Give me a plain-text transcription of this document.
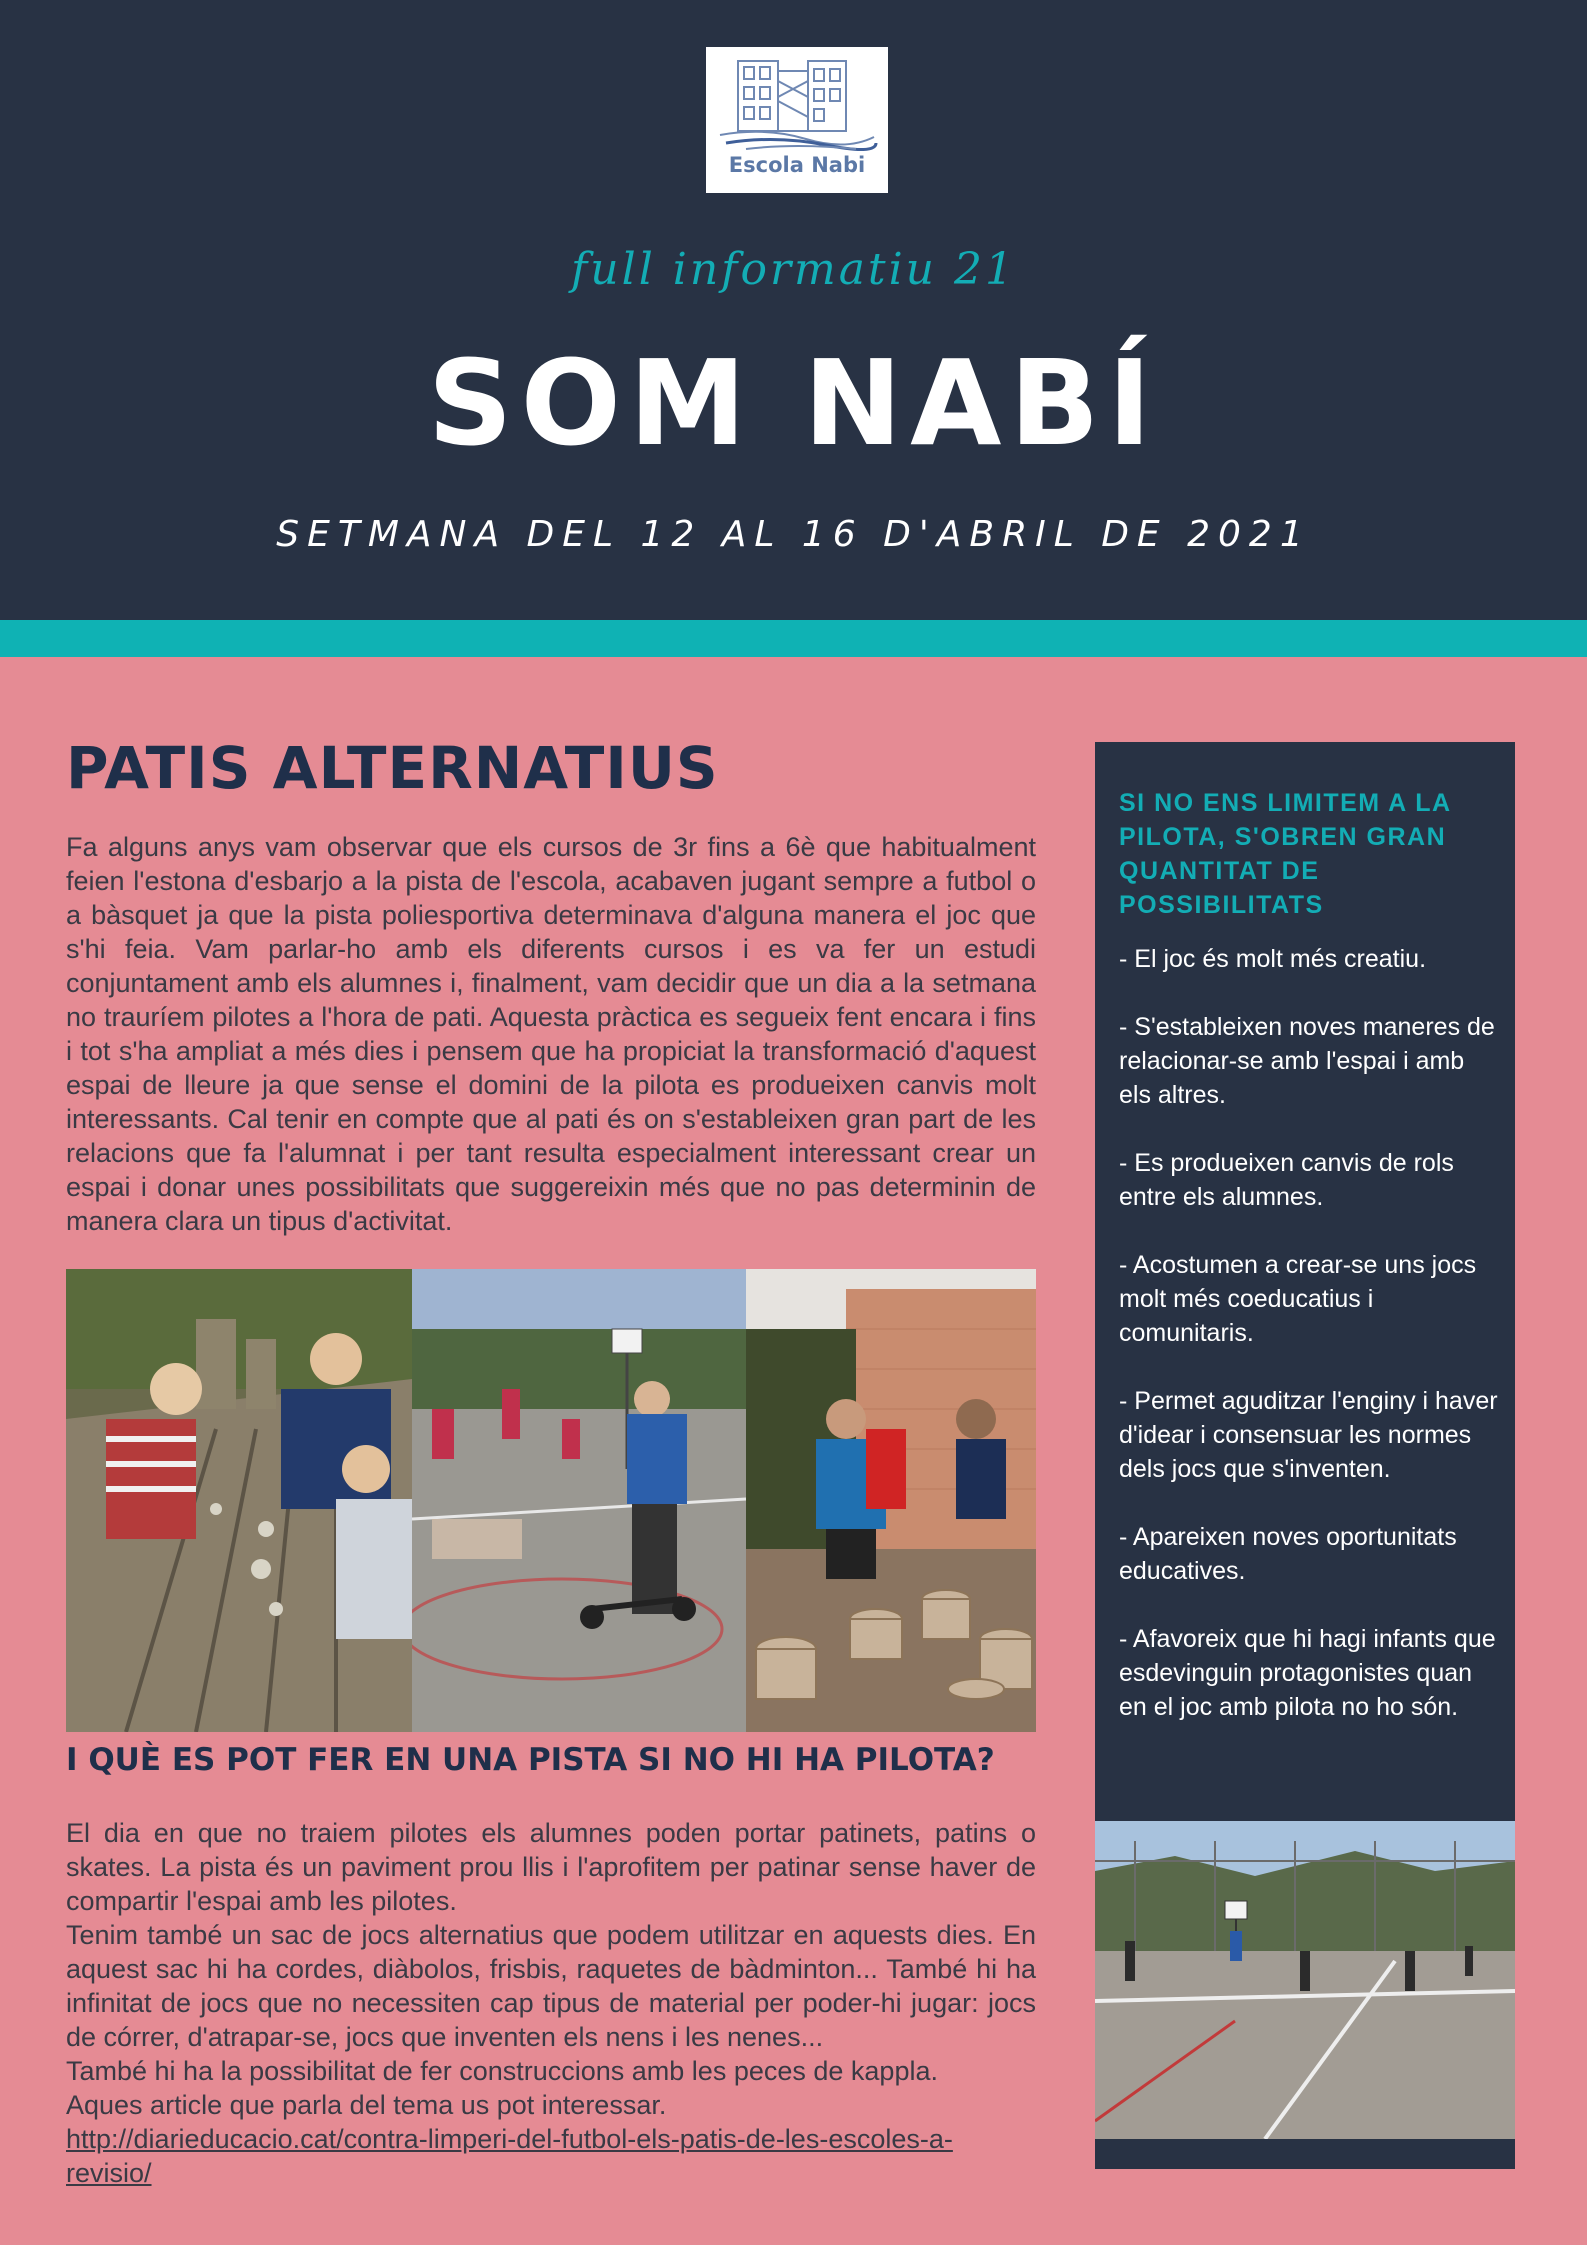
Escola Nabi
full informatiu 21
SOM NABÍ
SETMANA DEL 12 AL 16 D'ABRIL DE 2021
PATIS ALTERNATIUS

Fa alguns anys vam observar que els cursos de 3r fins a 6è que habitualment feien l'estona d'esbarjo a la pista de l'escola, acabaven jugant sempre a futbol o a bàsquet ja que la pista poliesportiva determinava d'alguna manera el joc que s'hi feia. Vam parlar-ho amb els diferents cursos i es va fer un estudi conjuntament amb els alumnes i, finalment, vam decidir que un dia a la setmana no trauríem pilotes a l'hora de pati. Aquesta pràctica es segueix fent encara i fins i tot s'ha ampliat a més dies i pensem que ha propiciat la transformació d'aquest espai de lleure ja que sense el domini de la pilota es produeixen canvis molt interessants. Cal tenir en compte que al pati és on s'estableixen gran part de les relacions que fa l'alumnat i per tant resulta especialment interessant crear un espai i donar unes possibilitats que suggereixin més que no pas determinin de manera clara un tipus d'activitat.

I QUÈ ES POT FER EN UNA PISTA SI NO HI HA PILOTA?
El dia en que no traiem pilotes els alumnes poden portar patinets, patins o skates. La pista és un paviment prou llis i l'aprofitem per patinar sense haver de compartir l'espai amb les pilotes.
Tenim també un sac de jocs alternatius que podem utilitzar en aquests dies. En aquest sac hi ha cordes, diàbolos, frisbis, raquetes de bàdminton... També hi ha infinitat de jocs que no necessiten cap tipus de material per poder-hi jugar: jocs de córrer, d'atrapar-se, jocs que inventen els nens i les nenes...
També hi ha la possibilitat de fer construccions amb les peces de kappla.
Aques article que parla del tema us pot interessar.
http://diarieducacio.cat/contra-limperi-del-futbol-els-patis-de-les-escoles-a-revisio/
SI NO ENS LIMITEM A LA PILOTA, S'OBREN GRAN QUANTITAT DE POSSIBILITATS
- El joc és molt més creatiu.
- S'estableixen noves maneres de relacionar-se amb l'espai i amb els altres.
- Es produeixen canvis de rols entre els alumnes.
- Acostumen a crear-se uns jocs molt més coeducatius i comunitaris.
- Permet aguditzar l'enginy i haver d'idear i consensuar les normes dels jocs que s'inventen.
- Apareixen noves oportunitats educatives.
- Afavoreix que hi hagi infants que esdevinguin protagonistes quan en el joc amb pilota no ho són.
